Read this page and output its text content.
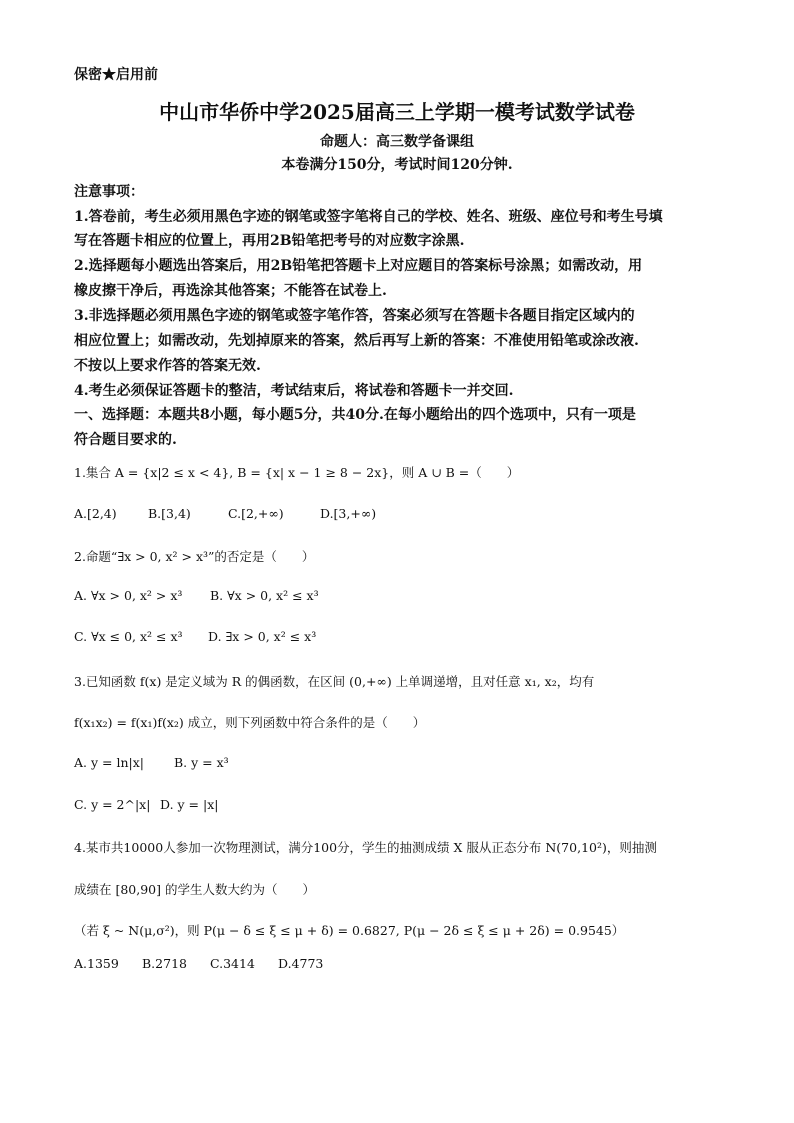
保密★启用前
中山市华侨中学2025届高三上学期一模考试数学试卷
命题人：高三数学备课组
本卷满分150分，考试时间120分钟.
注意事项：
1.答卷前，考生必须用黑色字迹的钢笔或签字笔将自己的学校、姓名、班级、座位号和考生号填
写在答题卡相应的位置上，再用2B铅笔把考号的对应数字涂黑.
2.选择题每小题选出答案后，用2B铅笔把答题卡上对应题目的答案标号涂黑；如需改动，用
橡皮擦干净后，再选涂其他答案；不能答在试卷上.
3.非选择题必须用黑色字迹的钢笔或签字笔作答，答案必须写在答题卡各题目指定区域内的
相应位置上；如需改动，先划掉原来的答案，然后再写上新的答案：不准使用铅笔或涂改液.
不按以上要求作答的答案无效.
4.考生必须保证答题卡的整洁，考试结束后，将试卷和答题卡一并交回.
一、选择题：本题共8小题，每小题5分，共40分.在每小题给出的四个选项中，只有一项是
符合题目要求的.
1.集合 A = {x|2 ≤ x < 4}, B = {x| x − 1 ≥ 8 − 2x}，则 A ∪ B =（　　）
A.[2,4)	B.[3,4)	C.[2,+∞)	D.[3,+∞)
2.命题“∃x > 0, x² > x³”的否定是（　　）
A. ∀x > 0, x² > x³ B. ∀x > 0, x² ≤ x³
C. ∀x ≤ 0, x² ≤ x³ D. ∃x > 0, x² ≤ x³
3.已知函数 f(x) 是定义域为 R 的偶函数，在区间 (0,+∞) 上单调递增，且对任意 x₁, x₂，均有
f(x₁x₂) = f(x₁)f(x₂) 成立，则下列函数中符合条件的是（　　）
A. y = ln|x| B. y = x³
C. y = 2^|x| D. y = |x|
4.某市共10000人参加一次物理测试，满分100分，学生的抽测成绩 X 服从正态分布 N(70,10²)，则抽测
成绩在 [80,90] 的学生人数大约为（　　）
（若 ξ ~ N(μ,σ²)，则 P(μ − δ ≤ ξ ≤ μ + δ) = 0.6827, P(μ − 2δ ≤ ξ ≤ μ + 2δ) = 0.9545）
A.1359 B.2718 C.3414 D.4773
